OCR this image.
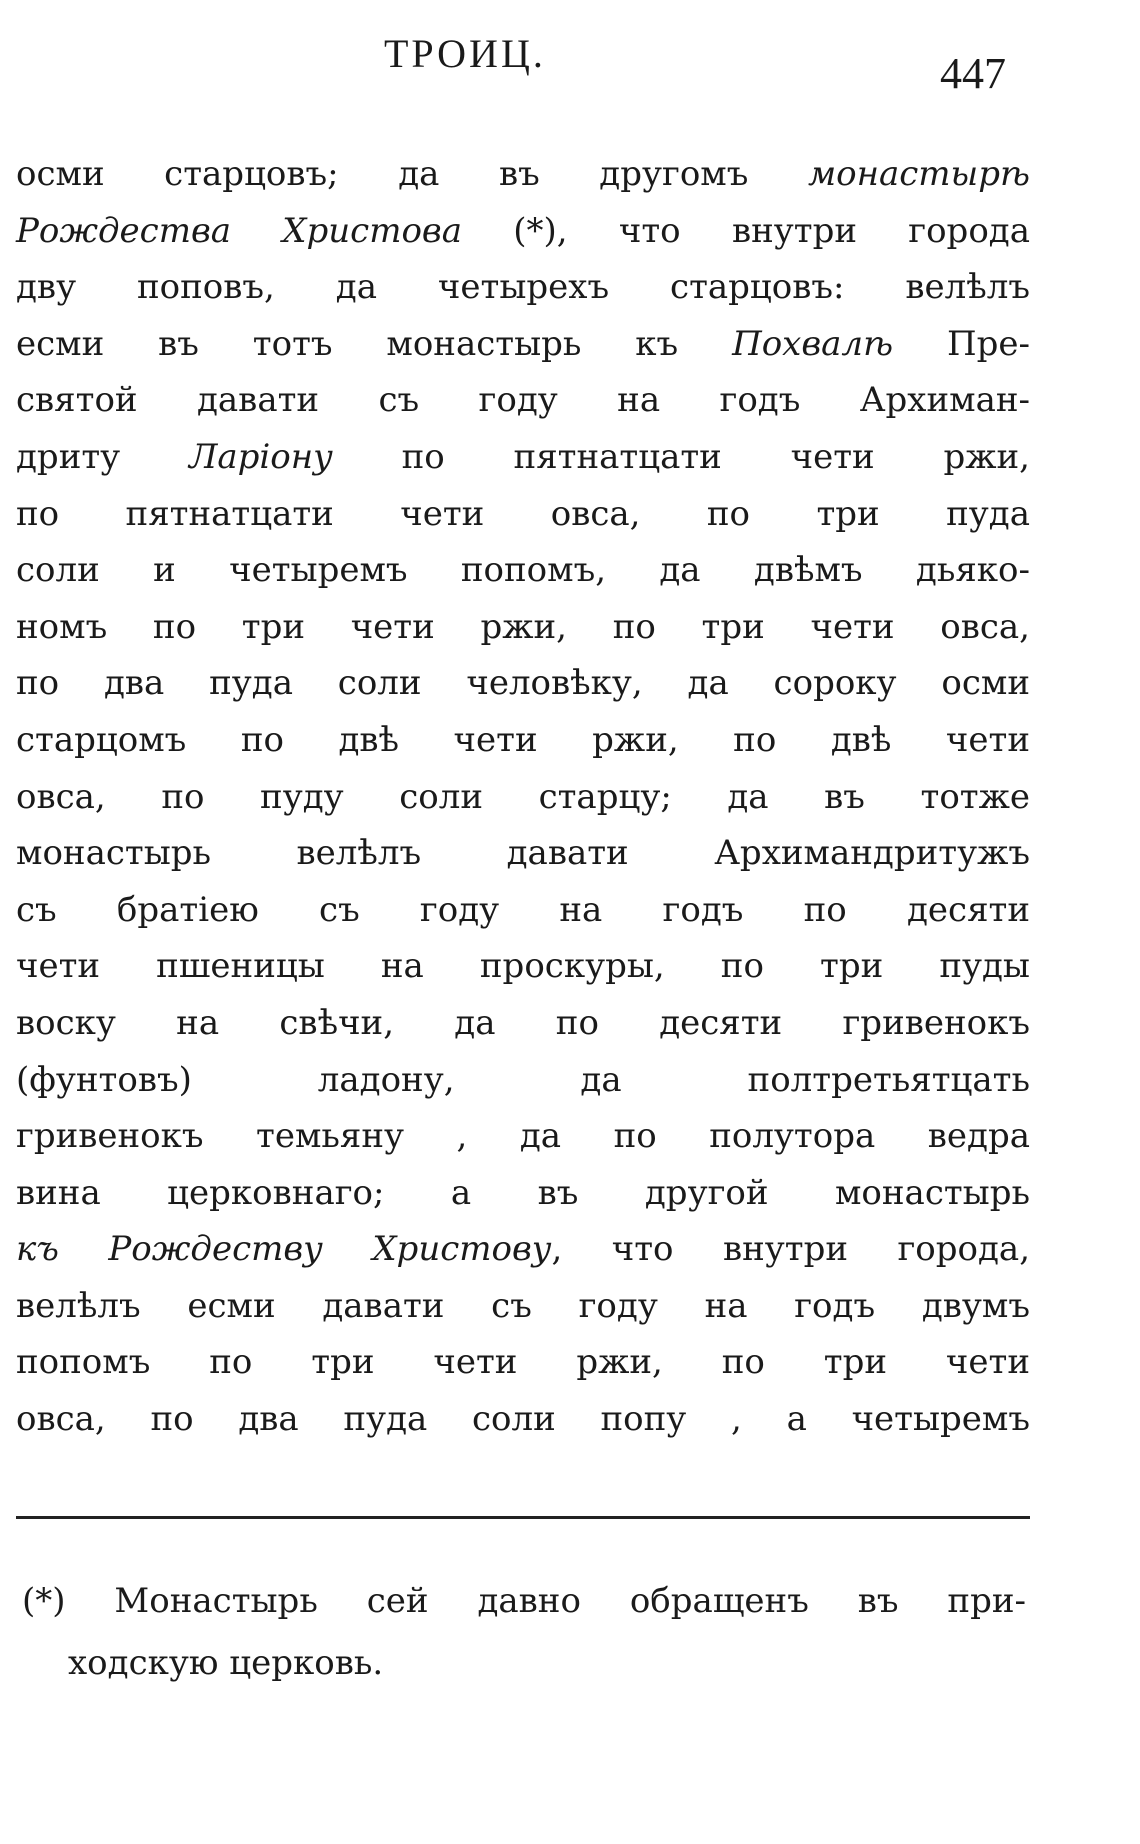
ТРОИЦ.	447
осми старцовъ; да въ другомъ монастырѣ
Рождества Христова (*), что внутри города
дву поповъ, да четырехъ старцовъ: велѣлъ
есми въ тотъ монастырь къ Похвалѣ Пре-
святой давати съ году на годъ Архиман-
дриту Ларіону по пятнатцати чети ржи,
по пятнатцати чети овса, по три пуда
соли и четыремъ попомъ, да двѣмъ дьяко-
номъ по три чети ржи, по три чети овса,
по два пуда соли человѣку, да сороку осми
старцомъ по двѣ чети ржи, по двѣ чети
овса, по пуду соли старцу; да въ тотже
монастырь велѣлъ давати Архимандритужъ
съ братіею съ году на годъ по десяти
чети пшеницы на проскуры, по три пуды
воску на свѣчи, да по десяти гривенокъ
(фунтовъ) ладону, да полтретьятцать
гривенокъ темьяну , да по полутора ведра
вина церковнаго; а въ другой монастырь
къ Рождеству Христову, что внутри города,
велѣлъ есми давати съ году на годъ двумъ
попомъ по три чети ржи, по три чети
овса, по два пуда соли попу , а четыремъ
(*) Монастырь сей давно обращенъ въ при-
ходскую церковь.
